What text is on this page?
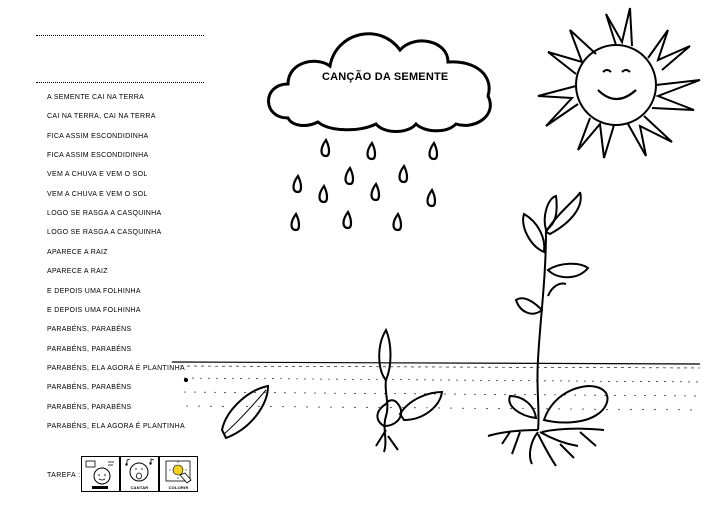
A SEMENTE CAI NA TERRA
CAI NA TERRA, CAI NA TERRA
FICA ASSIM ESCONDIDINHA
FICA ASSIM ESCONDIDINHA
VEM A CHUVA E VEM O SOL
VEM A CHUVA E VEM O SOL
LOGO SE RASGA A CASQUINHA
LOGO SE RASGA A CASQUINHA
APARECE A RAIZ
APARECE A RAIZ
E DEPOIS UMA FOLHINHA
E DEPOIS UMA FOLHINHA
PARABÉNS, PARABÉNS
PARABÉNS, PARABÉNS
PARABÉNS, ELA AGORA É PLANTINHA
PARABÉNS, PARABÉNS
PARABÉNS, PARABÉNS
PARABÉNS, ELA AGORA É PLANTINHA
TAREFA :
CANTAR	COLORIR
CANÇÃO DA SEMENTE
